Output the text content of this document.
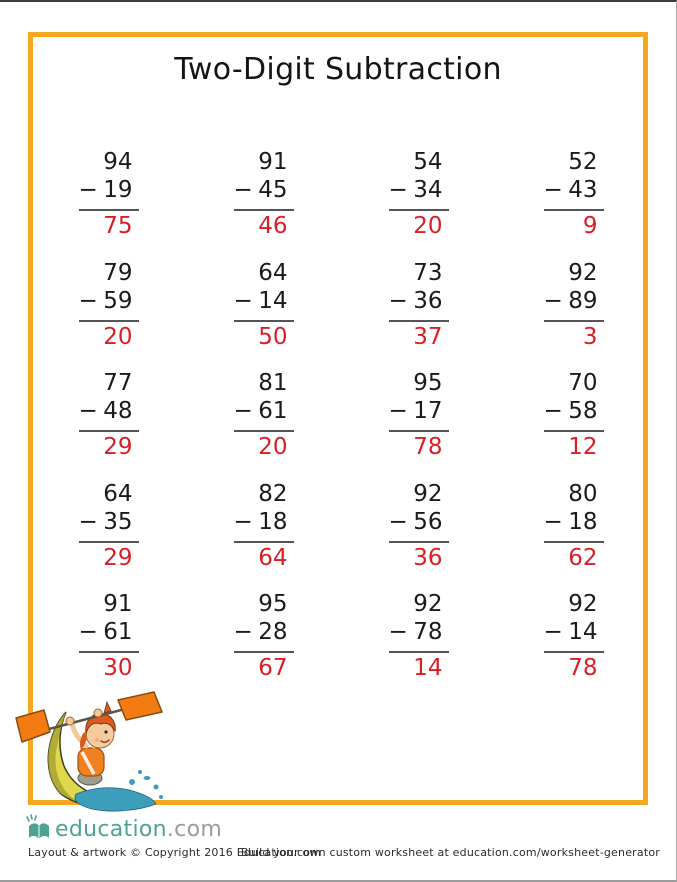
Two-Digit Subtraction
94
− 19
75
91
− 45
46
54
− 34
20
52
− 43
9
79
− 59
20
64
− 14
50
73
− 36
37
92
− 89
3
77
− 48
29
81
− 61
20
95
− 17
78
70
− 58
12
64
− 35
29
82
− 18
64
92
− 56
36
80
− 18
62
91
− 61
30
95
− 28
67
92
− 78
14
92
− 14
78
education.com
Layout & artwork © Copyright 2016 Education.com
Build your own custom worksheet at education.com/worksheet-generator
